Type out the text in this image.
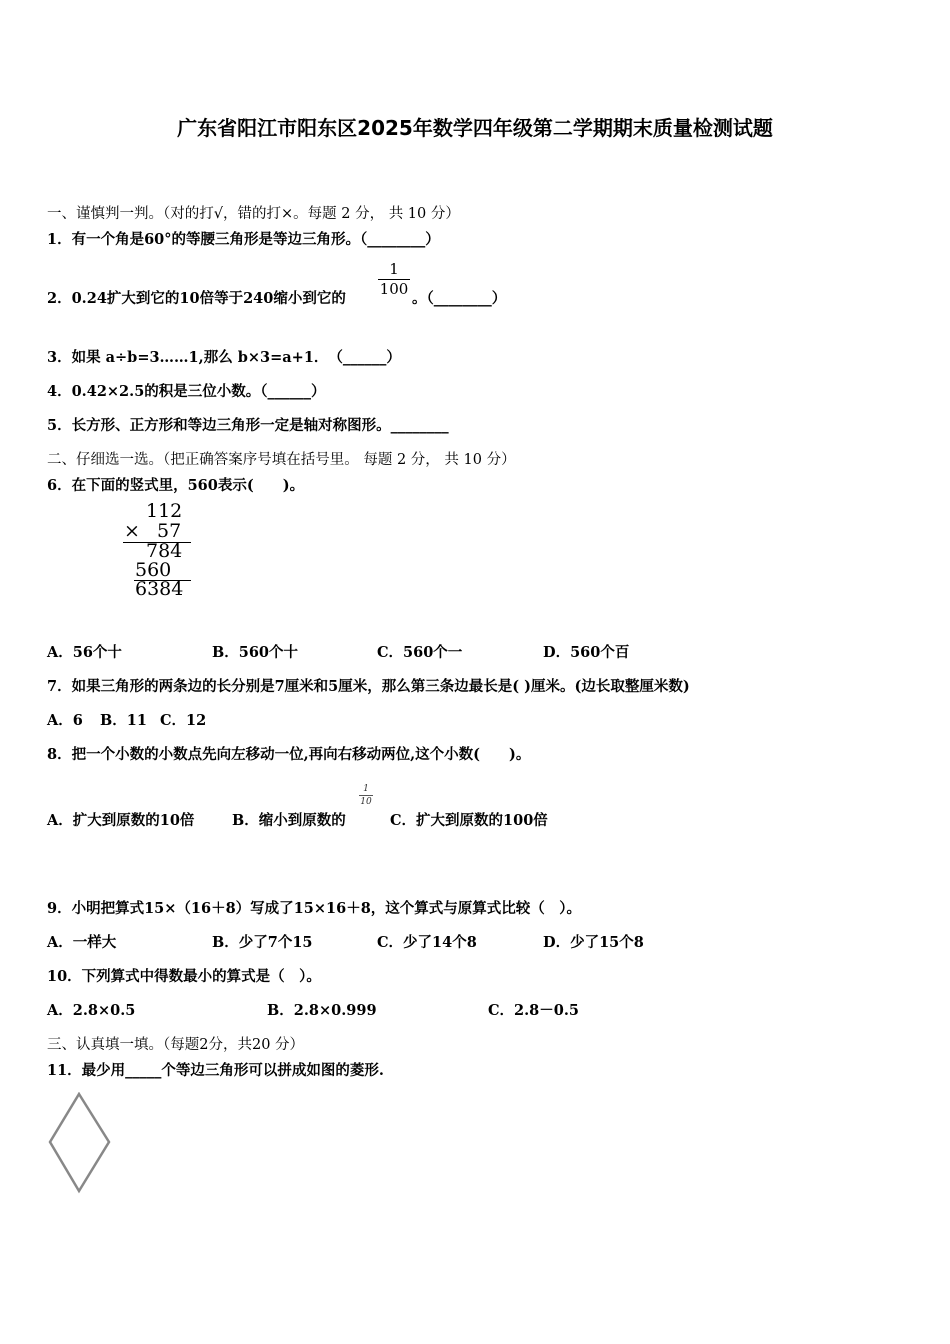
广东省阳江市阳东区2025年数学四年级第二学期期末质量检测试题
一、谨慎判一判。（对的打√，错的打×。每题 2 分， 共 10 分）
1．有一个角是60°的等腰三角形是等边三角形。（________）
2．0.24扩大到它的10倍等于240缩小到它的
1
100
。（________）
3．如果 a÷b=3……1,那么 b×3=a+1．　（______）
4．0.42×2.5的积是三位小数。（______）
5．长方形、正方形和等边三角形一定是轴对称图形。________
二、仔细选一选。（把正确答案序号填在括号里。 每题 2 分， 共 10 分）
6．在下面的竖式里，560表示(　　)。
112
× 57
784
560
6384
A．56个十	B．560个十	C．560个一	D．560个百
7．如果三角形的两条边的长分别是7厘米和5厘米，那么第三条边最长是( )厘米。(边长取整厘米数)
A．6 B．11 C．12
8．把一个小数的小数点先向左移动一位,再向右移动两位,这个小数(　　)。
A．扩大到原数的10倍	B．缩小到原数的
1
10
C．扩大到原数的100倍
9．小明把算式15×（16＋8）写成了15×16＋8，这个算式与原算式比较（　）。
A．一样大	B．少了7个15	C．少了14个8	D．少了15个8
10．下列算式中得数最小的算式是（　）。
A．2.8×0.5	B．2.8×0.999	C．2.8－0.5
三、认真填一填。（每题2分，共20 分）
11．最少用_____个等边三角形可以拼成如图的菱形.
